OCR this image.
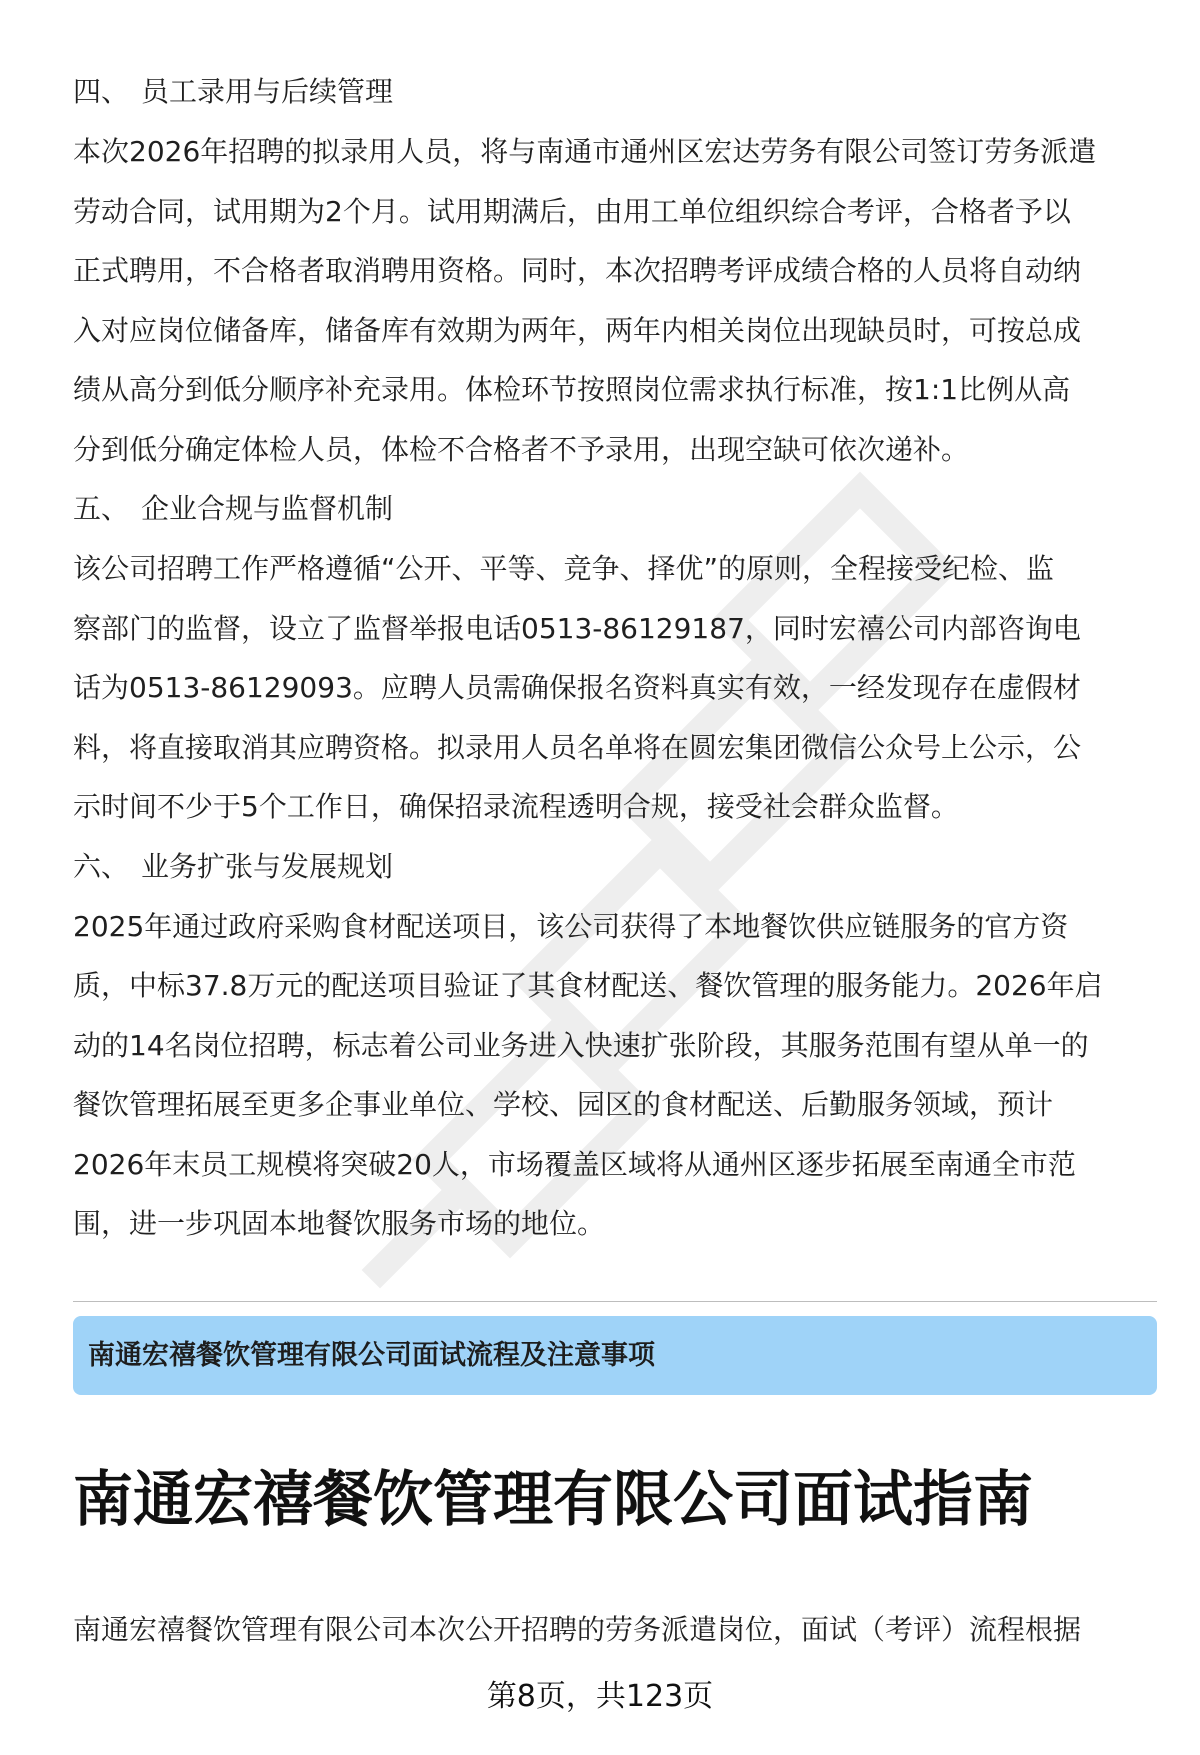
四、 员工录用与后续管理

本次2026年招聘的拟录用人员，将与南通市通州区宏达劳务有限公司签订劳务派遣
劳动合同，试用期为2个月。试用期满后，由用工单位组织综合考评，合格者予以
正式聘用，不合格者取消聘用资格。同时，本次招聘考评成绩合格的人员将自动纳
入对应岗位储备库，储备库有效期为两年，两年内相关岗位出现缺员时，可按总成
绩从高分到低分顺序补充录用。体检环节按照岗位需求执行标准，按1:1比例从高
分到低分确定体检人员，体检不合格者不予录用，出现空缺可依次递补。

五、 企业合规与监督机制

该公司招聘工作严格遵循“公开、平等、竞争、择优”的原则，全程接受纪检、监
察部门的监督，设立了监督举报电话0513-86129187，同时宏禧公司内部咨询电
话为0513-86129093。应聘人员需确保报名资料真实有效，一经发现存在虚假材
料，将直接取消其应聘资格。拟录用人员名单将在圆宏集团微信公众号上公示，公
示时间不少于5个工作日，确保招录流程透明合规，接受社会群众监督。

六、 业务扩张与发展规划

2025年通过政府采购食材配送项目，该公司获得了本地餐饮供应链服务的官方资
质，中标37.8万元的配送项目验证了其食材配送、餐饮管理的服务能力。2026年启
动的14名岗位招聘，标志着公司业务进入快速扩张阶段，其服务范围有望从单一的
餐饮管理拓展至更多企事业单位、学校、园区的食材配送、后勤服务领域，预计
2026年末员工规模将突破20人，市场覆盖区域将从通州区逐步拓展至南通全市范
围，进一步巩固本地餐饮服务市场的地位。

南通宏禧餐饮管理有限公司面试流程及注意事项
南通宏禧餐饮管理有限公司面试指南
南通宏禧餐饮管理有限公司本次公开招聘的劳务派遣岗位，面试（考评）流程根据
第8页，共123页
